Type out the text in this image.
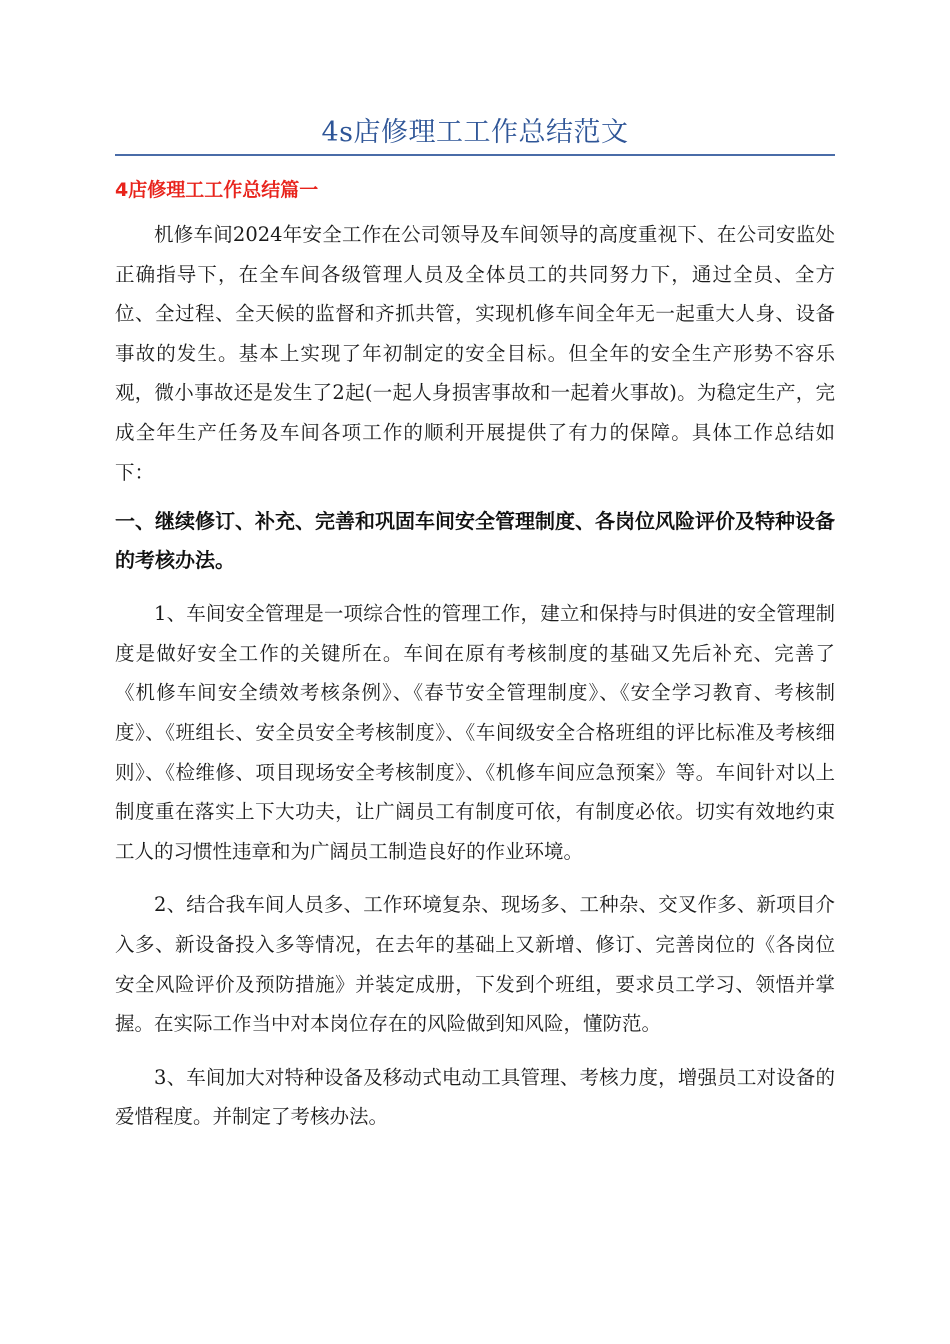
4s店修理工工作总结范文
4店修理工工作总结篇一

机修车间2024年安全工作在公司领导及车间领导的高度重视下、在公司安监处正确指导下，在全车间各级管理人员及全体员工的共同努力下，通过全员、全方位、全过程、全天候的监督和齐抓共管，实现机修车间全年无一起重大人身、设备事故的发生。基本上实现了年初制定的安全目标。但全年的安全生产形势不容乐观，微小事故还是发生了2起(一起人身损害事故和一起着火事故)。为稳定生产，完成全年生产任务及车间各项工作的顺利开展提供了有力的保障。具体工作总结如下：

一、继续修订、补充、完善和巩固车间安全管理制度、各岗位风险评价及特种设备的考核办法。

1、车间安全管理是一项综合性的管理工作，建立和保持与时俱进的安全管理制度是做好安全工作的关键所在。车间在原有考核制度的基础又先后补充、完善了《机修车间安全绩效考核条例》、《春节安全管理制度》、《安全学习教育、考核制度》、《班组长、安全员安全考核制度》、《车间级安全合格班组的评比标准及考核细则》、《检维修、项目现场安全考核制度》、《机修车间应急预案》等。车间针对以上制度重在落实上下大功夫，让广阔员工有制度可依，有制度必依。切实有效地约束工人的习惯性违章和为广阔员工制造良好的作业环境。

2、结合我车间人员多、工作环境复杂、现场多、工种杂、交叉作多、新项目介入多、新设备投入多等情况，在去年的基础上又新增、修订、完善岗位的《各岗位安全风险评价及预防措施》并装定成册，下发到个班组，要求员工学习、领悟并掌握。在实际工作当中对本岗位存在的风险做到知风险，懂防范。

3、车间加大对特种设备及移动式电动工具管理、考核力度，增强员工对设备的爱惜程度。并制定了考核办法。
